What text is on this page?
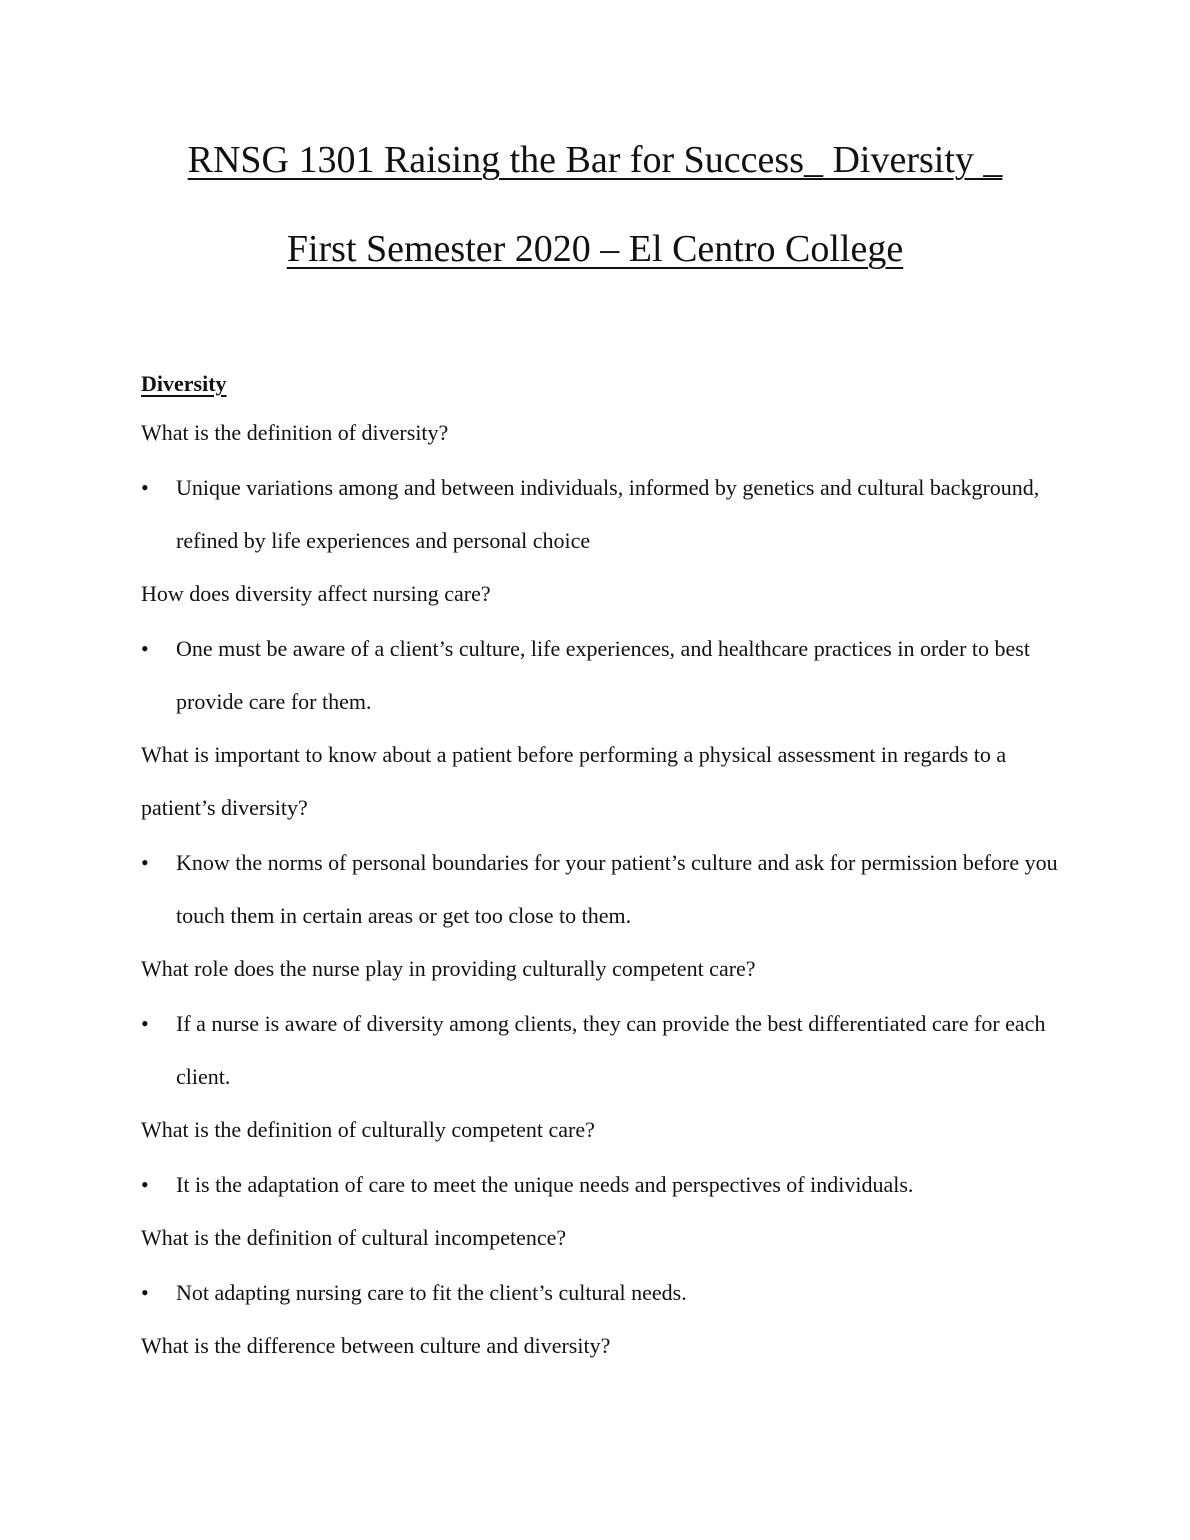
RNSG 1301 Raising the Bar for Success_ Diversity _
First Semester 2020 – El Centro College

Diversity

What is the definition of diversity?

• Unique variations among and between individuals, informed by genetics and cultural background, refined by life experiences and personal choice

How does diversity affect nursing care?

• One must be aware of a client’s culture, life experiences, and healthcare practices in order to best provide care for them.

What is important to know about a patient before performing a physical assessment in regards to a patient’s diversity?

• Know the norms of personal boundaries for your patient’s culture and ask for permission before you touch them in certain areas or get too close to them.

What role does the nurse play in providing culturally competent care?

• If a nurse is aware of diversity among clients, they can provide the best differentiated care for each client.

What is the definition of culturally competent care?

• It is the adaptation of care to meet the unique needs and perspectives of individuals.

What is the definition of cultural incompetence?

• Not adapting nursing care to fit the client’s cultural needs.

What is the difference between culture and diversity?
